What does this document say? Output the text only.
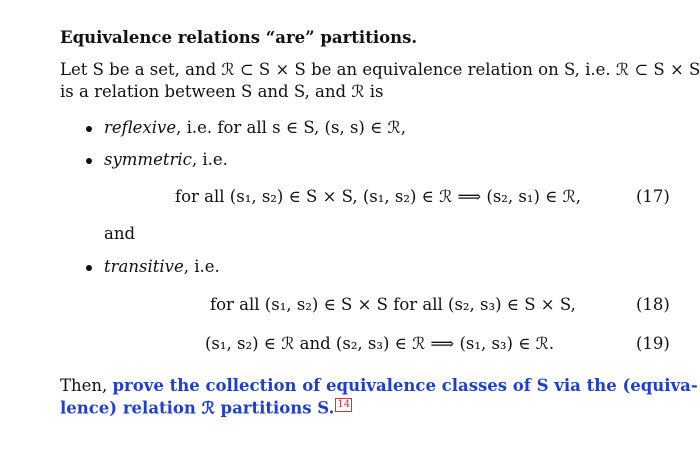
Equivalence relations “are” partitions.
Let S be a set, and ℛ ⊂ S × S be an equivalence relation on S, i.e. ℛ ⊂ S × S
is a relation between S and S, and ℛ is
reflexive, i.e. for all s ∈ S, (s, s) ∈ ℛ,
symmetric, i.e.
for all (s₁, s₂) ∈ S × S, (s₁, s₂) ∈ ℛ ⟹ (s₂, s₁) ∈ ℛ,	(17)
and
transitive, i.e.
for all (s₁, s₂) ∈ S × S for all (s₂, s₃) ∈ S × S,	(18)
(s₁, s₂) ∈ ℛ and (s₂, s₃) ∈ ℛ ⟹ (s₁, s₃) ∈ ℛ.	(19)
Then, prove the collection of equivalence classes of S via the (equiva-
lence) relation ℛ partitions S. 14
